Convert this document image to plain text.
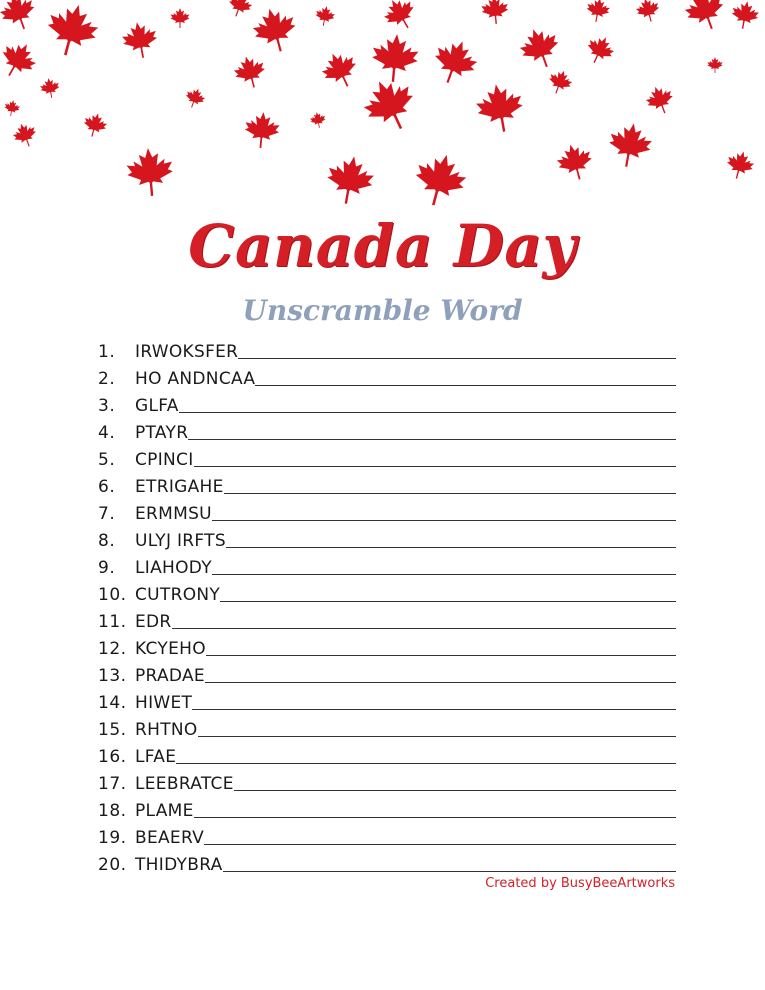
Canada Day
Unscramble Word
1.	IRWOKSFER
2.	HO ANDNCAA
3.	GLFA
4.	PTAYR
5.	CPINCI
6.	ETRIGAHE
7.	ERMMSU
8.	ULYJ IRFTS
9.	LIAHODY
10. CUTRONY
11. EDR
12. KCYEHO
13. PRADAE
14. HIWET
15. RHTNO
16. LFAE
17. LEEBRATCE
18. PLAME
19. BEAERV
20. THIDYBRA
Created by BusyBeeArtworks
